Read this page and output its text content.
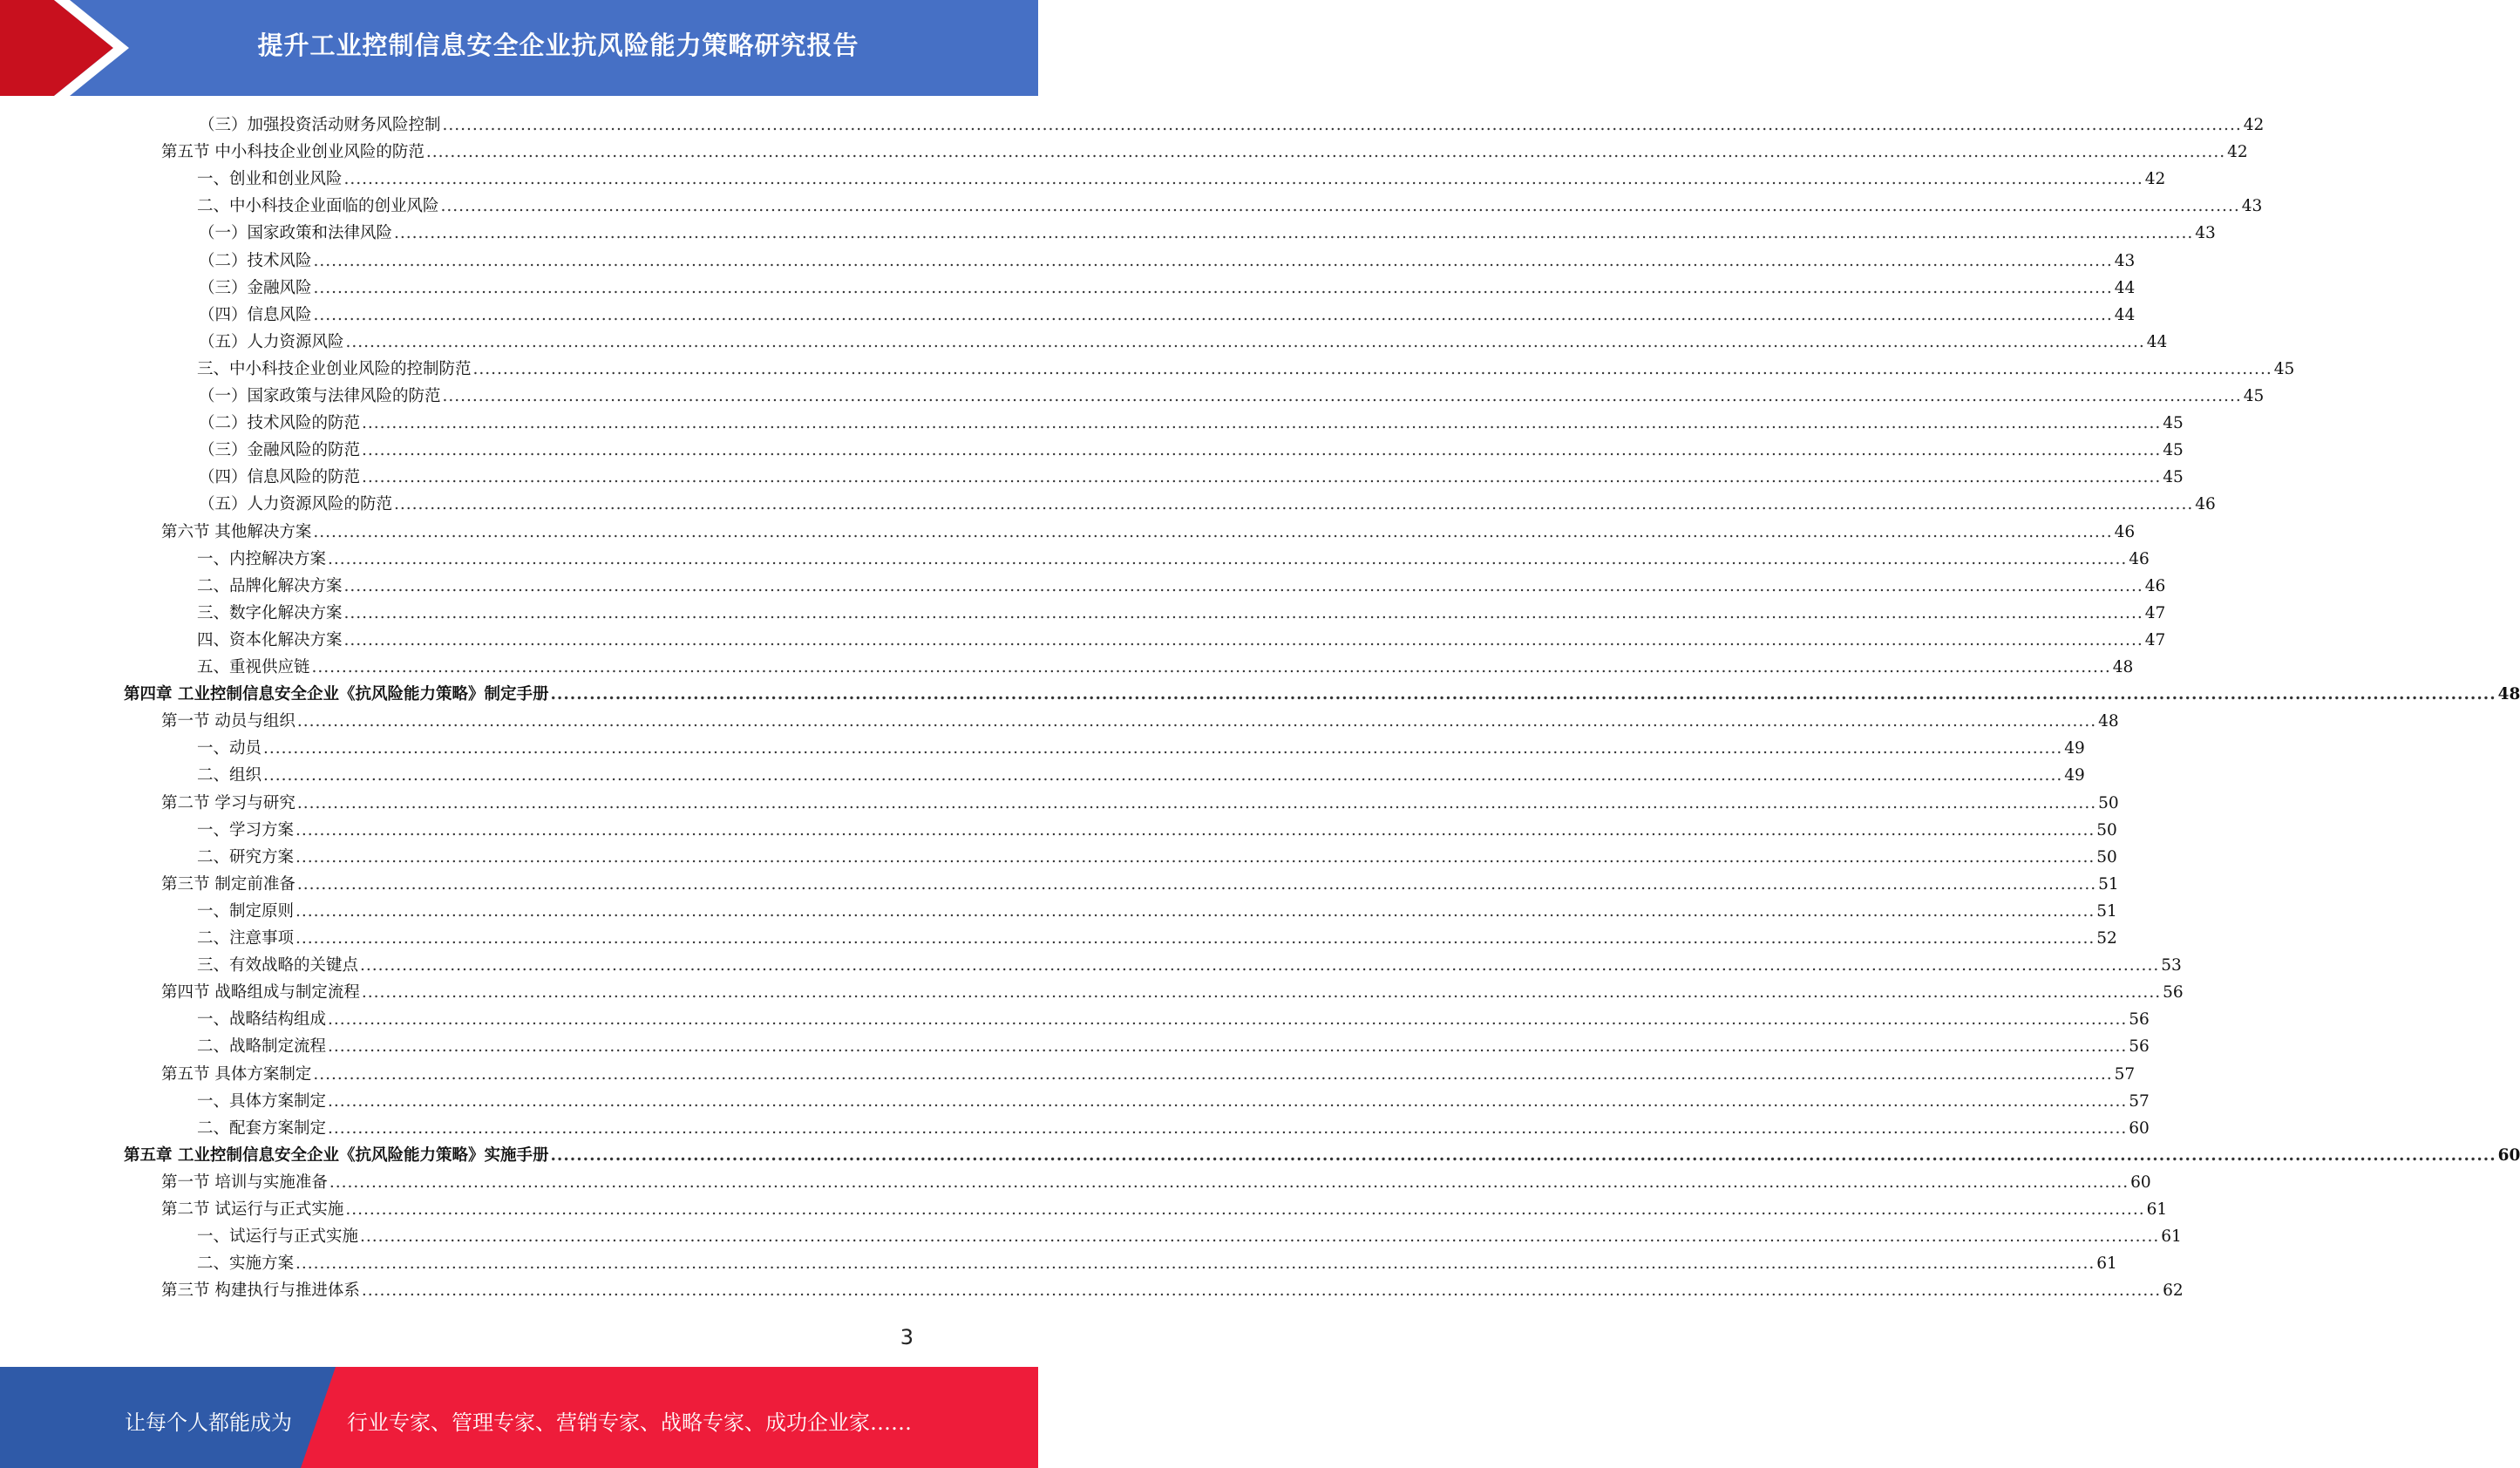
提升工业控制信息安全企业抗风险能力策略研究报告
（三）加强投资活动财务风险控制 ............................................................................................................................................................................................................................................................................................................ 42
第五节 中小科技企业创业风险的防范 ............................................................................................................................................................................................................................................................................................................ 42
一、创业和创业风险 ............................................................................................................................................................................................................................................................................................................ 42
二、中小科技企业面临的创业风险 ............................................................................................................................................................................................................................................................................................................ 43
（一）国家政策和法律风险 ............................................................................................................................................................................................................................................................................................................ 43
（二）技术风险 ............................................................................................................................................................................................................................................................................................................ 43
（三）金融风险 ............................................................................................................................................................................................................................................................................................................ 44
（四）信息风险 ............................................................................................................................................................................................................................................................................................................ 44
（五）人力资源风险 ............................................................................................................................................................................................................................................................................................................ 44
三、中小科技企业创业风险的控制防范 ............................................................................................................................................................................................................................................................................................................ 45
（一）国家政策与法律风险的防范 ............................................................................................................................................................................................................................................................................................................ 45
（二）技术风险的防范 ............................................................................................................................................................................................................................................................................................................ 45
（三）金融风险的防范 ............................................................................................................................................................................................................................................................................................................ 45
（四）信息风险的防范 ............................................................................................................................................................................................................................................................................................................ 45
（五）人力资源风险的防范 ............................................................................................................................................................................................................................................................................................................ 46
第六节 其他解决方案 ............................................................................................................................................................................................................................................................................................................ 46
一、内控解决方案 ............................................................................................................................................................................................................................................................................................................ 46
二、品牌化解决方案 ............................................................................................................................................................................................................................................................................................................ 46
三、数字化解决方案 ............................................................................................................................................................................................................................................................................................................ 47
四、资本化解决方案 ............................................................................................................................................................................................................................................................................................................ 47
五、重视供应链 ............................................................................................................................................................................................................................................................................................................ 48
第四章 工业控制信息安全企业《抗风险能力策略》制定手册 ............................................................................................................................................................................................................................................................................................................ 48
第一节 动员与组织 ............................................................................................................................................................................................................................................................................................................ 48
一、动员 ............................................................................................................................................................................................................................................................................................................ 49
二、组织 ............................................................................................................................................................................................................................................................................................................ 49
第二节 学习与研究 ............................................................................................................................................................................................................................................................................................................ 50
一、学习方案 ............................................................................................................................................................................................................................................................................................................ 50
二、研究方案 ............................................................................................................................................................................................................................................................................................................ 50
第三节 制定前准备 ............................................................................................................................................................................................................................................................................................................ 51
一、制定原则 ............................................................................................................................................................................................................................................................................................................ 51
二、注意事项 ............................................................................................................................................................................................................................................................................................................ 52
三、有效战略的关键点 ............................................................................................................................................................................................................................................................................................................ 53
第四节 战略组成与制定流程 ............................................................................................................................................................................................................................................................................................................ 56
一、战略结构组成 ............................................................................................................................................................................................................................................................................................................ 56
二、战略制定流程 ............................................................................................................................................................................................................................................................................................................ 56
第五节 具体方案制定 ............................................................................................................................................................................................................................................................................................................ 57
一、具体方案制定 ............................................................................................................................................................................................................................................................................................................ 57
二、配套方案制定 ............................................................................................................................................................................................................................................................................................................ 60
第五章 工业控制信息安全企业《抗风险能力策略》实施手册 ............................................................................................................................................................................................................................................................................................................ 60
第一节 培训与实施准备 ............................................................................................................................................................................................................................................................................................................ 60
第二节 试运行与正式实施 ............................................................................................................................................................................................................................................................................................................ 61
一、试运行与正式实施 ............................................................................................................................................................................................................................................................................................................ 61
二、实施方案 ............................................................................................................................................................................................................................................................................................................ 61
第三节 构建执行与推进体系 ............................................................................................................................................................................................................................................................................................................ 62
3
让每个人都能成为	行业专家、管理专家、营销专家、战略专家、成功企业家……
